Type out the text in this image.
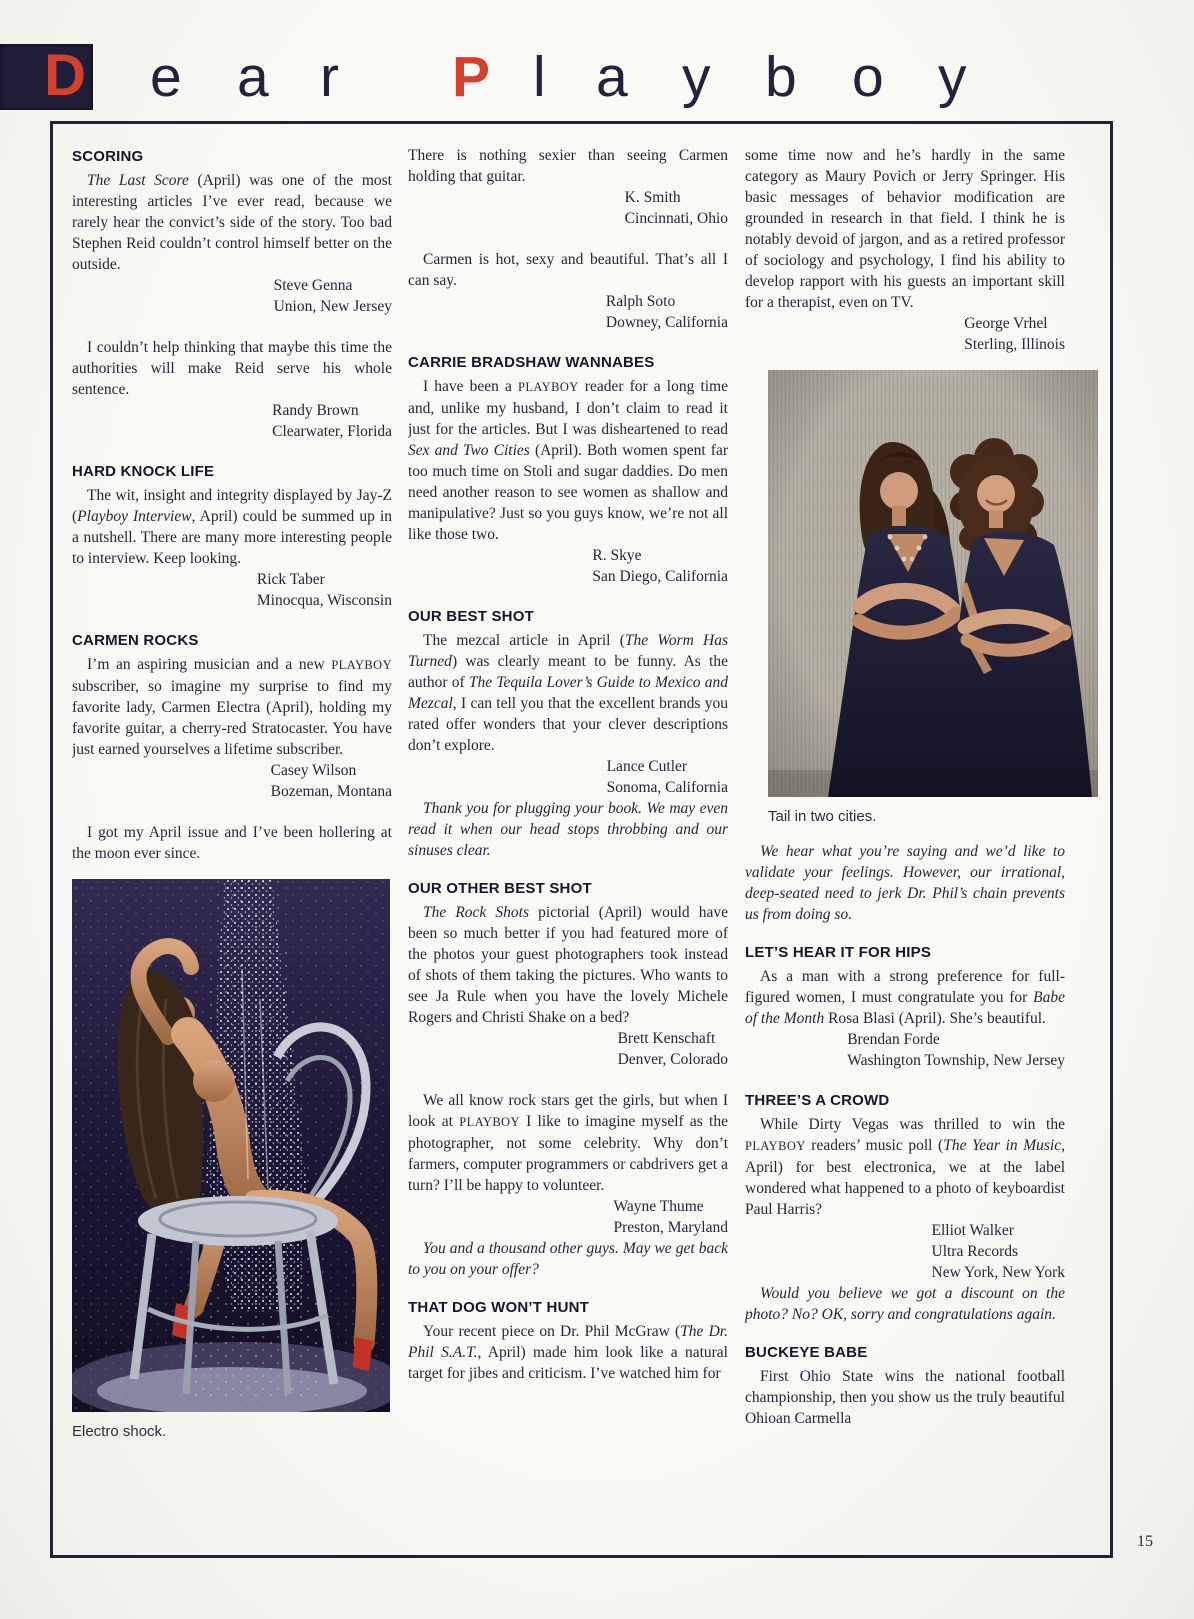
D e a r P l a y b o y
SCORING

The Last Score (April) was one of the most interesting articles I’ve ever read, because we rarely hear the convict’s side of the story. Too bad Stephen Reid couldn’t control himself better on the outside.

Steve Genna
Union, New Jersey

I couldn’t help thinking that maybe this time the authorities will make Reid serve his whole sentence.

Randy Brown
Clearwater, Florida
HARD KNOCK LIFE

The wit, insight and integrity displayed by Jay-Z (Playboy Interview, April) could be summed up in a nutshell. There are many more interesting people to interview. Keep looking.

Rick Taber
Minocqua, Wisconsin
CARMEN ROCKS

I’m an aspiring musician and a new PLAYBOY subscriber, so imagine my surprise to find my favorite lady, Carmen Electra (April), holding my favorite guitar, a cherry-red Stratocaster. You have just earned yourselves a lifetime subscriber.

Casey Wilson
Bozeman, Montana

I got my April issue and I’ve been hollering at the moon ever since.

Electro shock.

There is nothing sexier than seeing Carmen holding that guitar.

K. Smith
Cincinnati, Ohio

Carmen is hot, sexy and beautiful. That’s all I can say.

Ralph Soto
Downey, California
CARRIE BRADSHAW WANNABES

I have been a PLAYBOY reader for a long time and, unlike my husband, I don’t claim to read it just for the articles. But I was disheartened to read Sex and Two Cities (April). Both women spent far too much time on Stoli and sugar daddies. Do men need another reason to see women as shallow and manipulative? Just so you guys know, we’re not all like those two.

R. Skye
San Diego, California
OUR BEST SHOT

The mezcal article in April (The Worm Has Turned) was clearly meant to be funny. As the author of The Tequila Lover’s Guide to Mexico and Mezcal, I can tell you that the excellent brands you rated offer wonders that your clever descriptions don’t explore.

Lance Cutler
Sonoma, California

Thank you for plugging your book. We may even read it when our head stops throbbing and our sinuses clear.

OUR OTHER BEST SHOT

The Rock Shots pictorial (April) would have been so much better if you had featured more of the photos your guest photographers took instead of shots of them taking the pictures. Who wants to see Ja Rule when you have the lovely Michele Rogers and Christi Shake on a bed?

Brett Kenschaft
Denver, Colorado

We all know rock stars get the girls, but when I look at PLAYBOY I like to imagine myself as the photographer, not some celebrity. Why don’t farmers, computer programmers or cabdrivers get a turn? I’ll be happy to volunteer.

Wayne Thume
Preston, Maryland

You and a thousand other guys. May we get back to you on your offer?

THAT DOG WON’T HUNT

Your recent piece on Dr. Phil McGraw (The Dr. Phil S.A.T., April) made him look like a natural target for jibes and criticism. I’ve watched him for

some time now and he’s hardly in the same category as Maury Povich or Jerry Springer. His basic messages of behavior modification are grounded in research in that field. I think he is notably devoid of jargon, and as a retired professor of sociology and psychology, I find his ability to develop rapport with his guests an important skill for a therapist, even on TV.

George Vrhel
Sterling, Illinois
Tail in two cities.

We hear what you’re saying and we’d like to validate your feelings. However, our irrational, deep-seated need to jerk Dr. Phil’s chain prevents us from doing so.

LET’S HEAR IT FOR HIPS

As a man with a strong preference for full-figured women, I must congratulate you for Babe of the Month Rosa Blasi (April). She’s beautiful.

Brendan Forde
Washington Township, New Jersey
THREE’S A CROWD

While Dirty Vegas was thrilled to win the PLAYBOY readers’ music poll (The Year in Music, April) for best electronica, we at the label wondered what happened to a photo of keyboardist Paul Harris?

Elliot Walker
Ultra Records
New York, New York

Would you believe we got a discount on the photo? No? OK, sorry and congratulations again.

BUCKEYE BABE

First Ohio State wins the national football championship, then you show us the truly beautiful Ohioan Carmella

15
